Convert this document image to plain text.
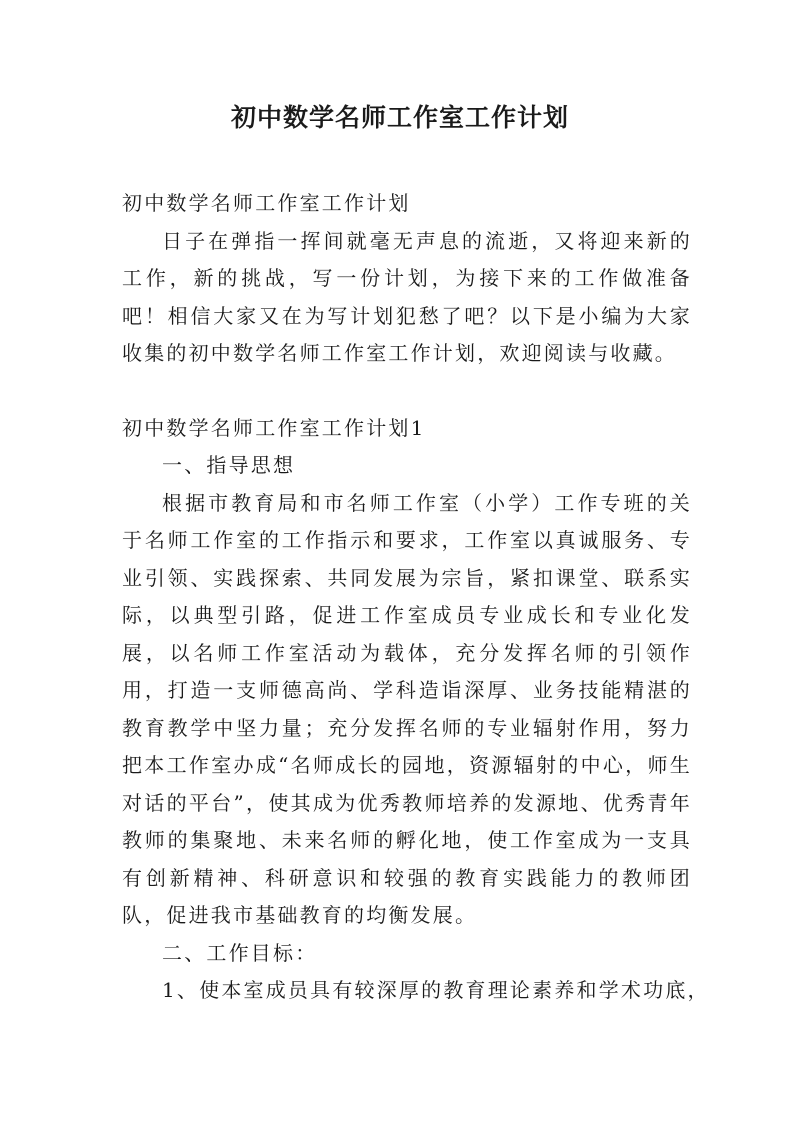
初中数学名师工作室工作计划

初中数学名师工作室工作计划

日子在弹指一挥间就毫无声息的流逝，又将迎来新的工作，新的挑战，写一份计划，为接下来的工作做准备吧！相信大家又在为写计划犯愁了吧？以下是小编为大家收集的初中数学名师工作室工作计划，欢迎阅读与收藏。

初中数学名师工作室工作计划1

一、指导思想

根据市教育局和市名师工作室（小学）工作专班的关于名师工作室的工作指示和要求，工作室以真诚服务、专业引领、实践探索、共同发展为宗旨，紧扣课堂、联系实际，以典型引路，促进工作室成员专业成长和专业化发展，以名师工作室活动为载体，充分发挥名师的引领作用，打造一支师德高尚、学科造诣深厚、业务技能精湛的教育教学中坚力量；充分发挥名师的专业辐射作用，努力把本工作室办成“名师成长的园地，资源辐射的中心，师生对话的平台”，使其成为优秀教师培养的发源地、优秀青年教师的集聚地、未来名师的孵化地，使工作室成为一支具有创新精神、科研意识和较强的教育实践能力的教师团队，促进我市基础教育的均衡发展。

二、工作目标：

1、使本室成员具有较深厚的教育理论素养和学术功底，
